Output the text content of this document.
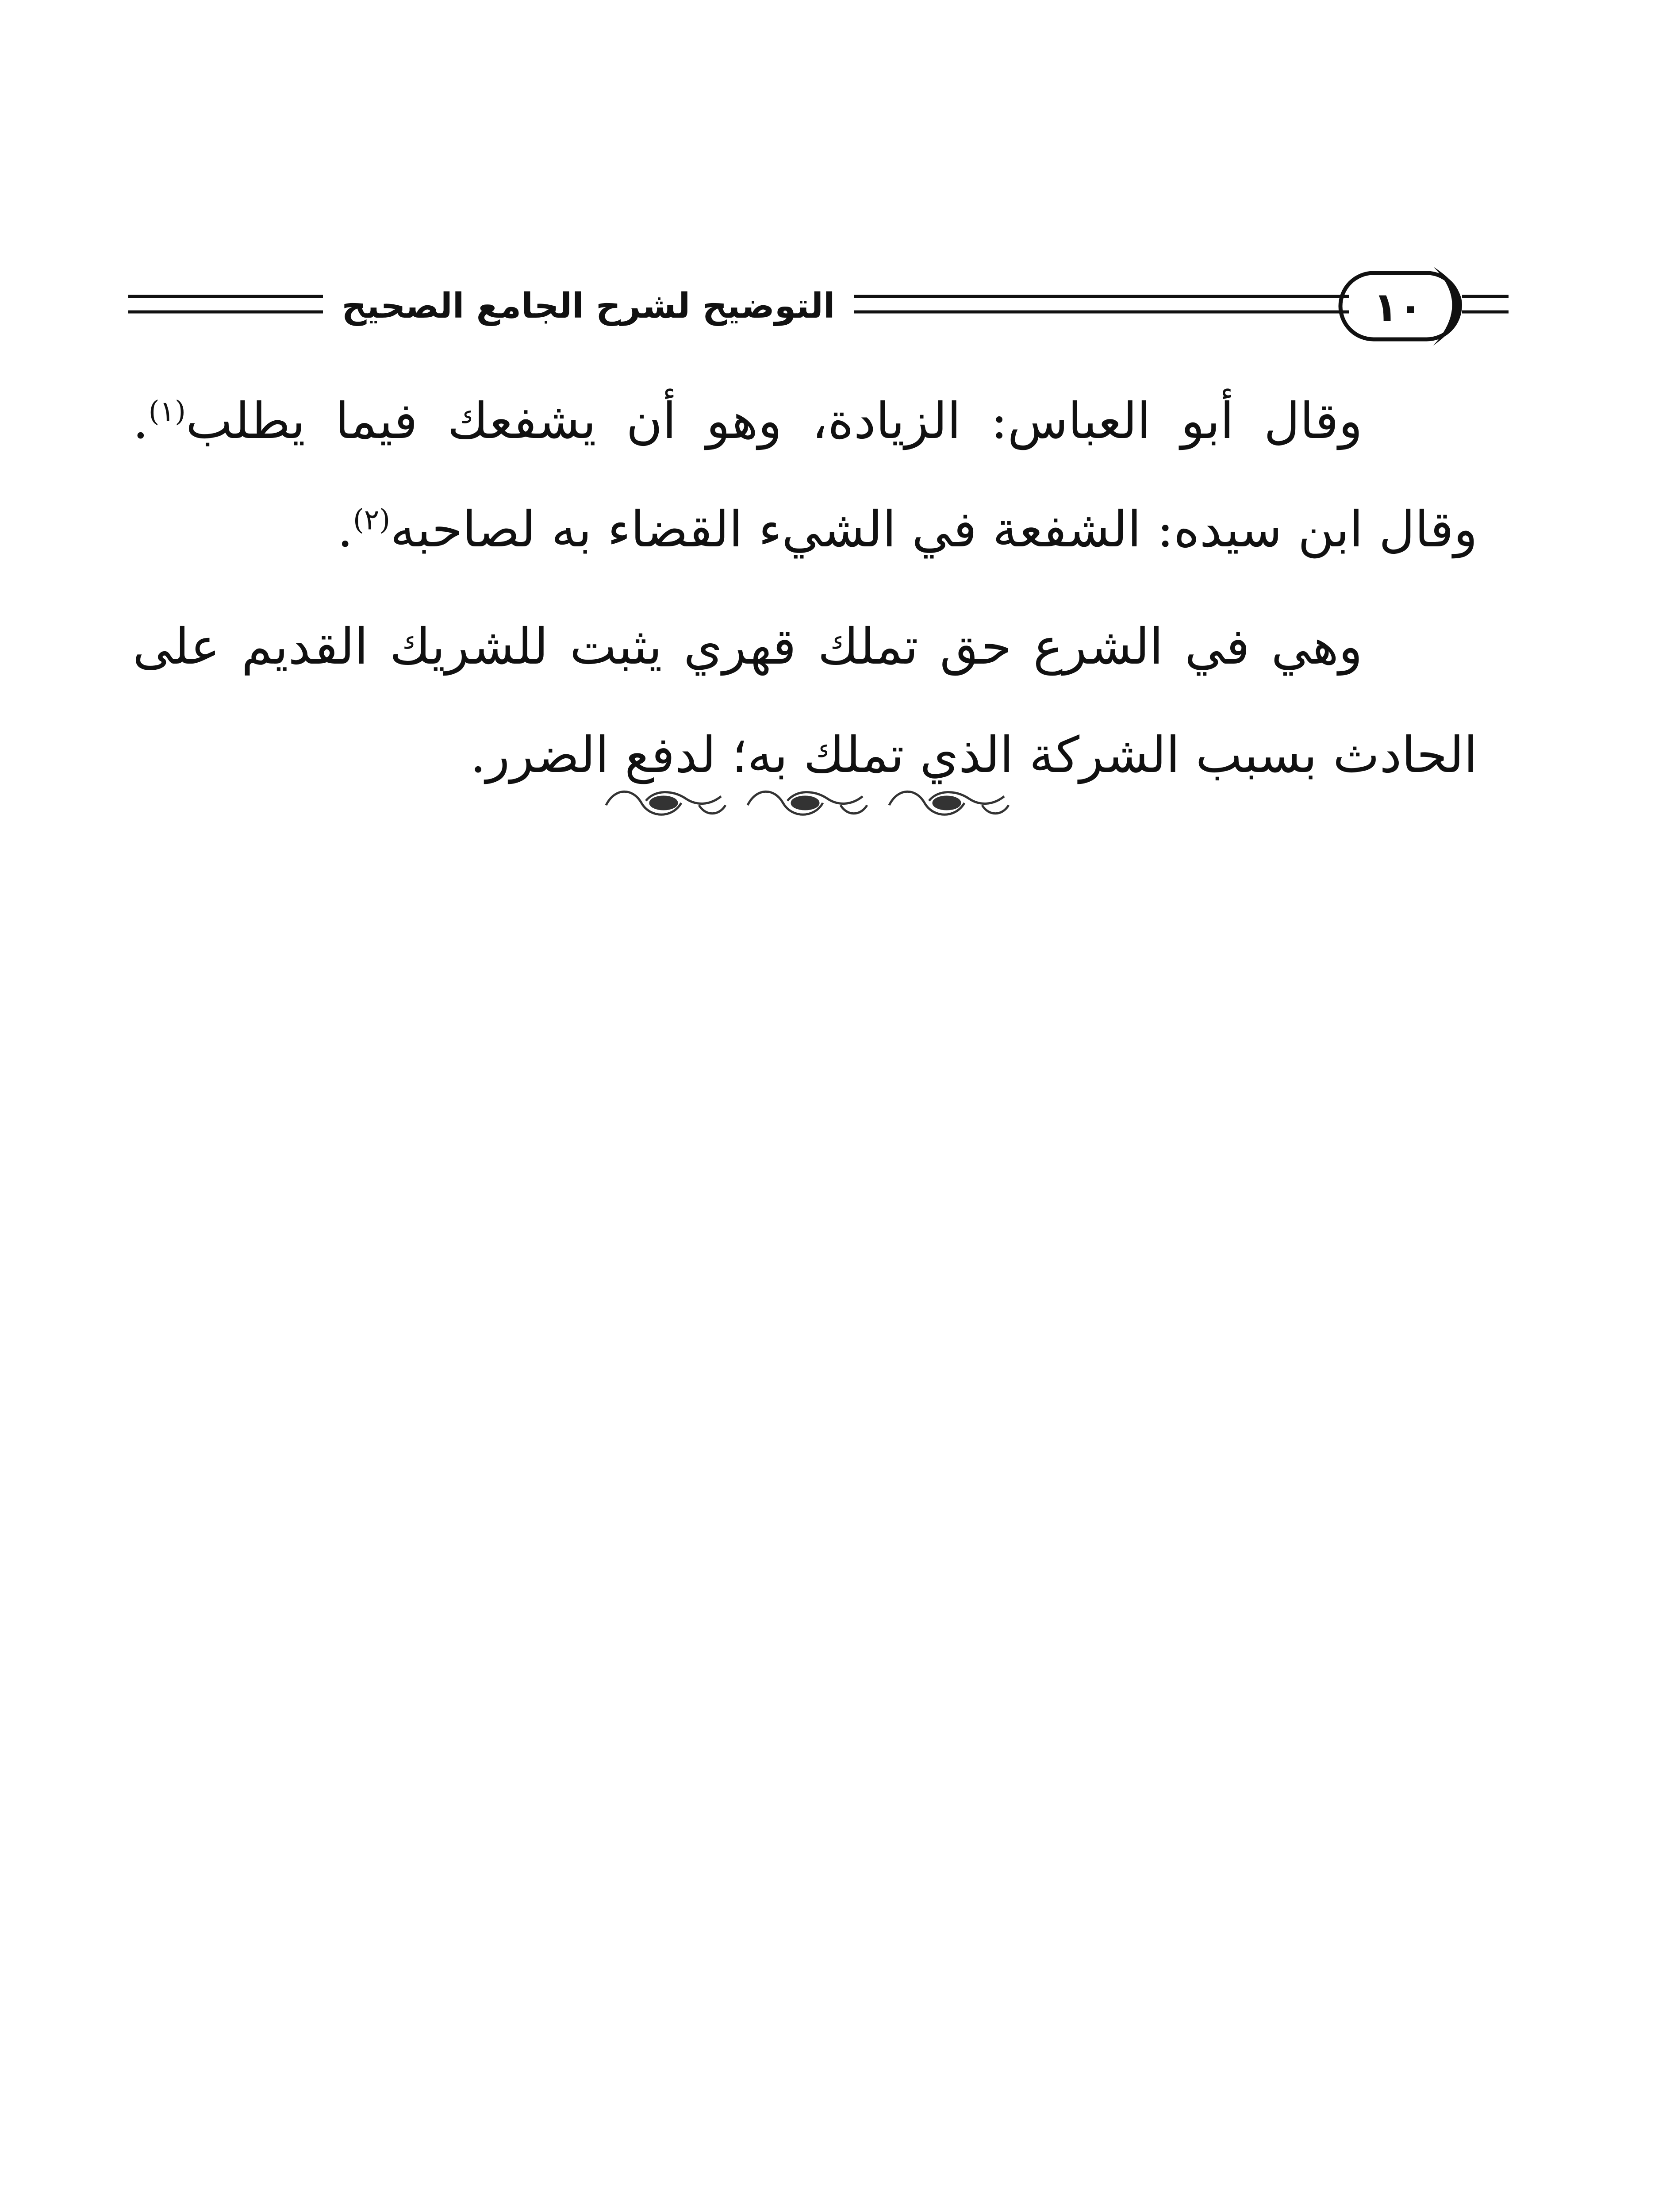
التوضيح لشرح الجامع الصحيح	١٠

وقال أبو العباس: الزيادة، وهو أن يشفعك فيما يطلب$^{(١)}$. وقال ابن سيده: الشفعة في الشيء القضاء به لصاحبه$^{(٢)}$.

وهي في الشرع حق تملك قهري يثبت للشريك القديم على الحادث بسبب الشركة الذي تملك به؛ لدفع الضرر.
